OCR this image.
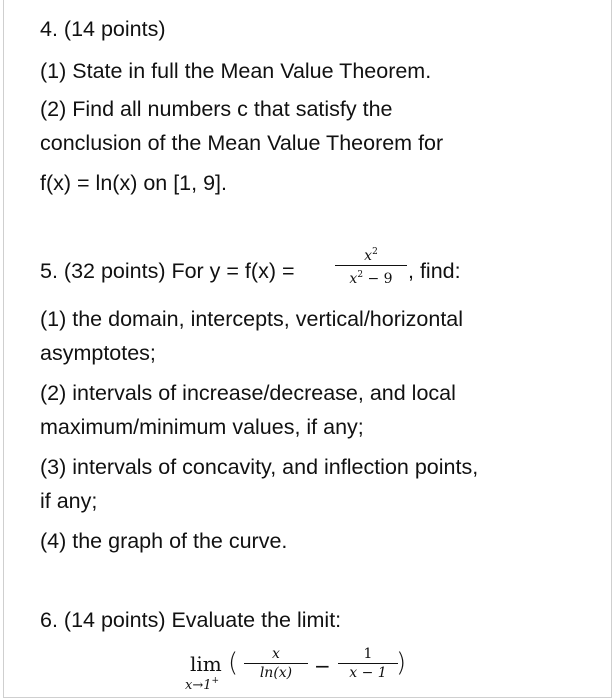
4. (14 points)
(1) State in full the Mean Value Theorem.
(2) Find all numbers c that satisfy the
conclusion of the Mean Value Theorem for
f(x) = ln(x) on [1, 9].
5. (32 points) For y = f(x) =
$x^2$
$x^2 - 9$ , find:
(1) the domain, intercepts, vertical/horizontal
asymptotes;
(2) intervals of increase/decrease, and local
maximum/minimum values, if any;
(3) intervals of concavity, and inflection points,
if any;
(4) the graph of the curve.
6. (14 points) Evaluate the limit:
lim
x→1+
(	x
ln(x)	−	1
x − 1 )
